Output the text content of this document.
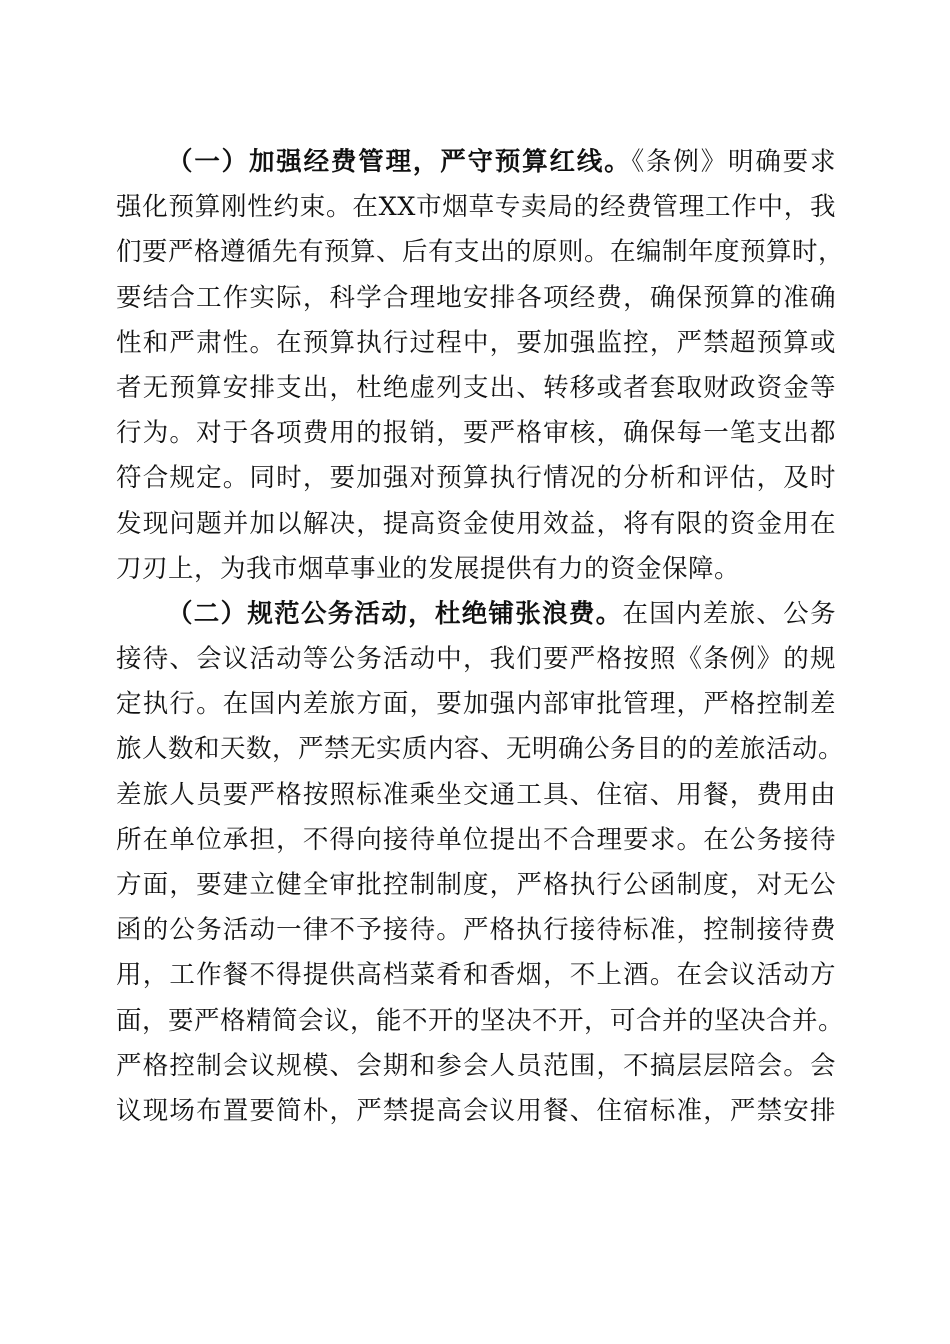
（一）加强经费管理，严守预算红线。《条例》明确要求
强化预算刚性约束。在XX市烟草专卖局的经费管理工作中，我
们要严格遵循先有预算、后有支出的原则。在编制年度预算时，
要结合工作实际，科学合理地安排各项经费，确保预算的准确
性和严肃性。在预算执行过程中，要加强监控，严禁超预算或
者无预算安排支出，杜绝虚列支出、转移或者套取财政资金等
行为。对于各项费用的报销，要严格审核，确保每一笔支出都
符合规定。同时，要加强对预算执行情况的分析和评估，及时
发现问题并加以解决，提高资金使用效益，将有限的资金用在
刀刃上，为我市烟草事业的发展提供有力的资金保障。
（二）规范公务活动，杜绝铺张浪费。在国内差旅、公务
接待、会议活动等公务活动中，我们要严格按照《条例》的规
定执行。在国内差旅方面，要加强内部审批管理，严格控制差
旅人数和天数，严禁无实质内容、无明确公务目的的差旅活动。
差旅人员要严格按照标准乘坐交通工具、住宿、用餐，费用由
所在单位承担，不得向接待单位提出不合理要求。在公务接待
方面，要建立健全审批控制制度，严格执行公函制度，对无公
函的公务活动一律不予接待。严格执行接待标准，控制接待费
用，工作餐不得提供高档菜肴和香烟，不上酒。在会议活动方
面，要严格精简会议，能不开的坚决不开，可合并的坚决合并。
严格控制会议规模、会期和参会人员范围，不搞层层陪会。会
议现场布置要简朴，严禁提高会议用餐、住宿标准，严禁安排
